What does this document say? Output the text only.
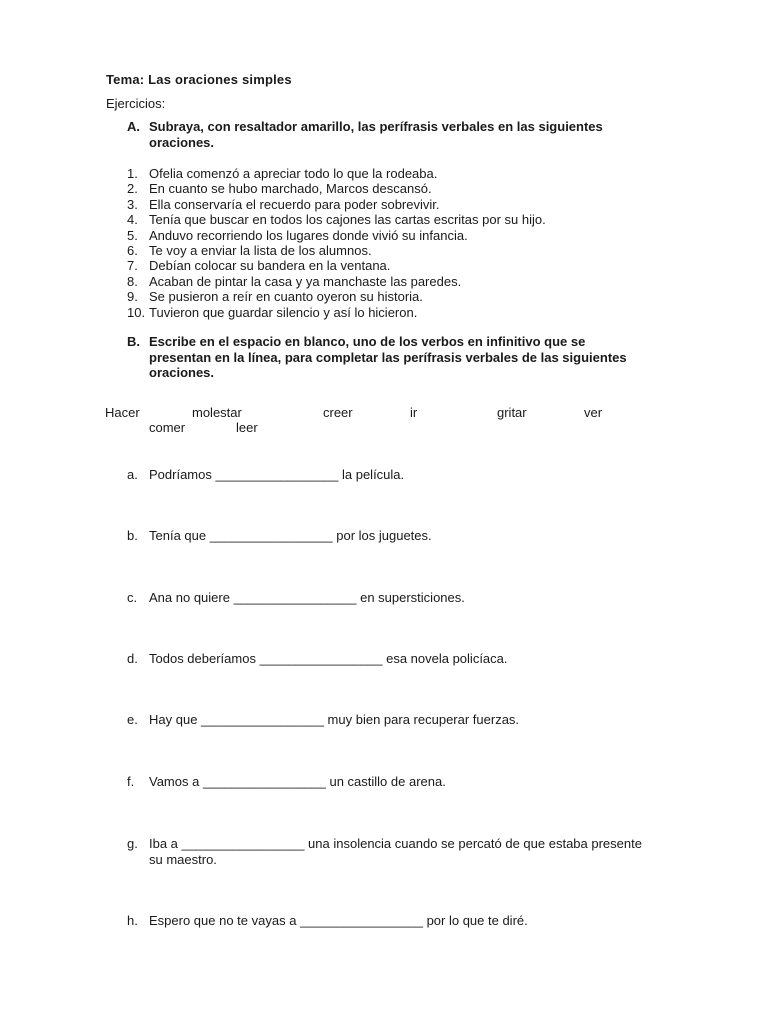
Tema: Las oraciones simples
Ejercicios:
A. Subraya, con resaltador amarillo, las perífrasis verbales en las siguientes oraciones.
1. Ofelia comenzó a apreciar todo lo que la rodeaba.
2. En cuanto se hubo marchado, Marcos descansó.
3. Ella conservaría el recuerdo para poder sobrevivir.
4. Tenía que buscar en todos los cajones las cartas escritas por su hijo.
5. Anduvo recorriendo los lugares donde vivió su infancia.
6. Te voy a enviar la lista de los alumnos.
7. Debían colocar su bandera en la ventana.
8. Acaban de pintar la casa y ya manchaste las paredes.
9. Se pusieron a reír en cuanto oyeron su historia.
10. Tuvieron que guardar silencio y así lo hicieron.
B. Escribe en el espacio en blanco, uno de los verbos en infinitivo que se presentan en la línea, para completar las perífrasis verbales de las siguientes oraciones.
Hacer	molestar	creer	ir	gritar	ver
comer	leer
a. Podríamos _________________ la película.
b. Tenía que _________________ por los juguetes.
c. Ana no quiere _________________ en supersticiones.
d. Todos deberíamos _________________ esa novela policíaca.
e. Hay que _________________ muy bien para recuperar fuerzas.
f. Vamos a _________________ un castillo de arena.
g. Iba a _________________ una insolencia cuando se percató de que estaba presente su maestro.
h. Espero que no te vayas a _________________ por lo que te diré.
